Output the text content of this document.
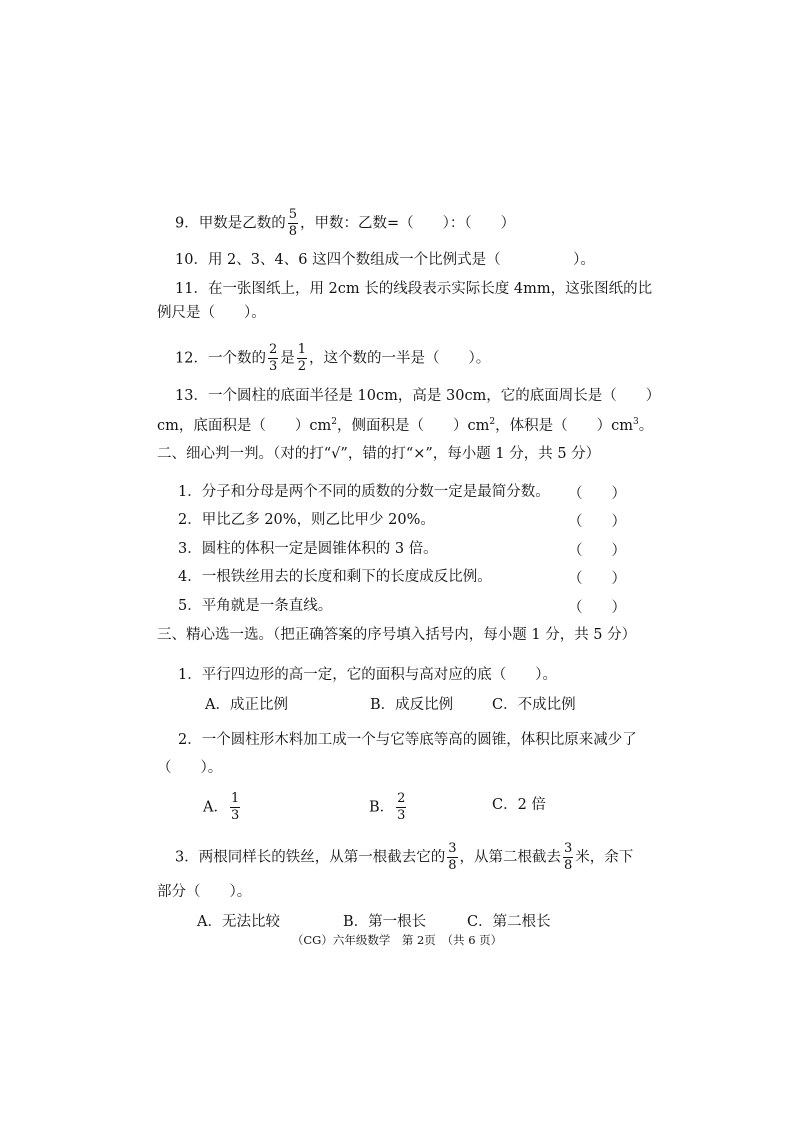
9．甲数是乙数的 $\frac{5}{8}$ ，甲数：乙数=（　　）：（　　）
10．用 2、3、4、6 这四个数组成一个比例式是（　　　　　）。
11．在一张图纸上，用 2cm 长的线段表示实际长度 4mm，这张图纸的比
例尺是（　　）。
12．一个数的 $\frac{2}{3}$ 是 $\frac{1}{2}$ ，这个数的一半是（　　）。
13．一个圆柱的底面半径是 10cm，高是 30cm，它的底面周长是（　　）
cm，底面积是（　　）$cm^2$，侧面积是（　　）$cm^2$，体积是（　　）$cm^3$。
二、细心判一判。（对的打“√”，错的打“×”，每小题 1 分，共 5 分）
1．分子和分母是两个不同的质数的分数一定是最简分数。 （　　）
2．甲比乙多 20%，则乙比甲少 20%。	（　　）
3．圆柱的体积一定是圆锥体积的 3 倍。	（　　）
4．一根铁丝用去的长度和剩下的长度成反比例。	（　　）
5．平角就是一条直线。	（　　）
三、精心选一选。（把正确答案的序号填入括号内，每小题 1 分，共 5 分）
1．平行四边形的高一定，它的面积与高对应的底（　　）。
A．成正比例	B．成反比例	C．不成比例
2．一个圆柱形木料加工成一个与它等底等高的圆锥，体积比原来减少了
（　　）。
A． $\frac{1}{3}$	B． $\frac{2}{3}$	C．2 倍
3．两根同样长的铁丝，从第一根截去它的 $\frac{3}{8}$ ，从第二根截去 $\frac{3}{8}$ 米，余下
部分（　　）。
A．无法比较	B．第一根长	C．第二根长
（CG）六年级数学　第 2页　（共 6 页）
